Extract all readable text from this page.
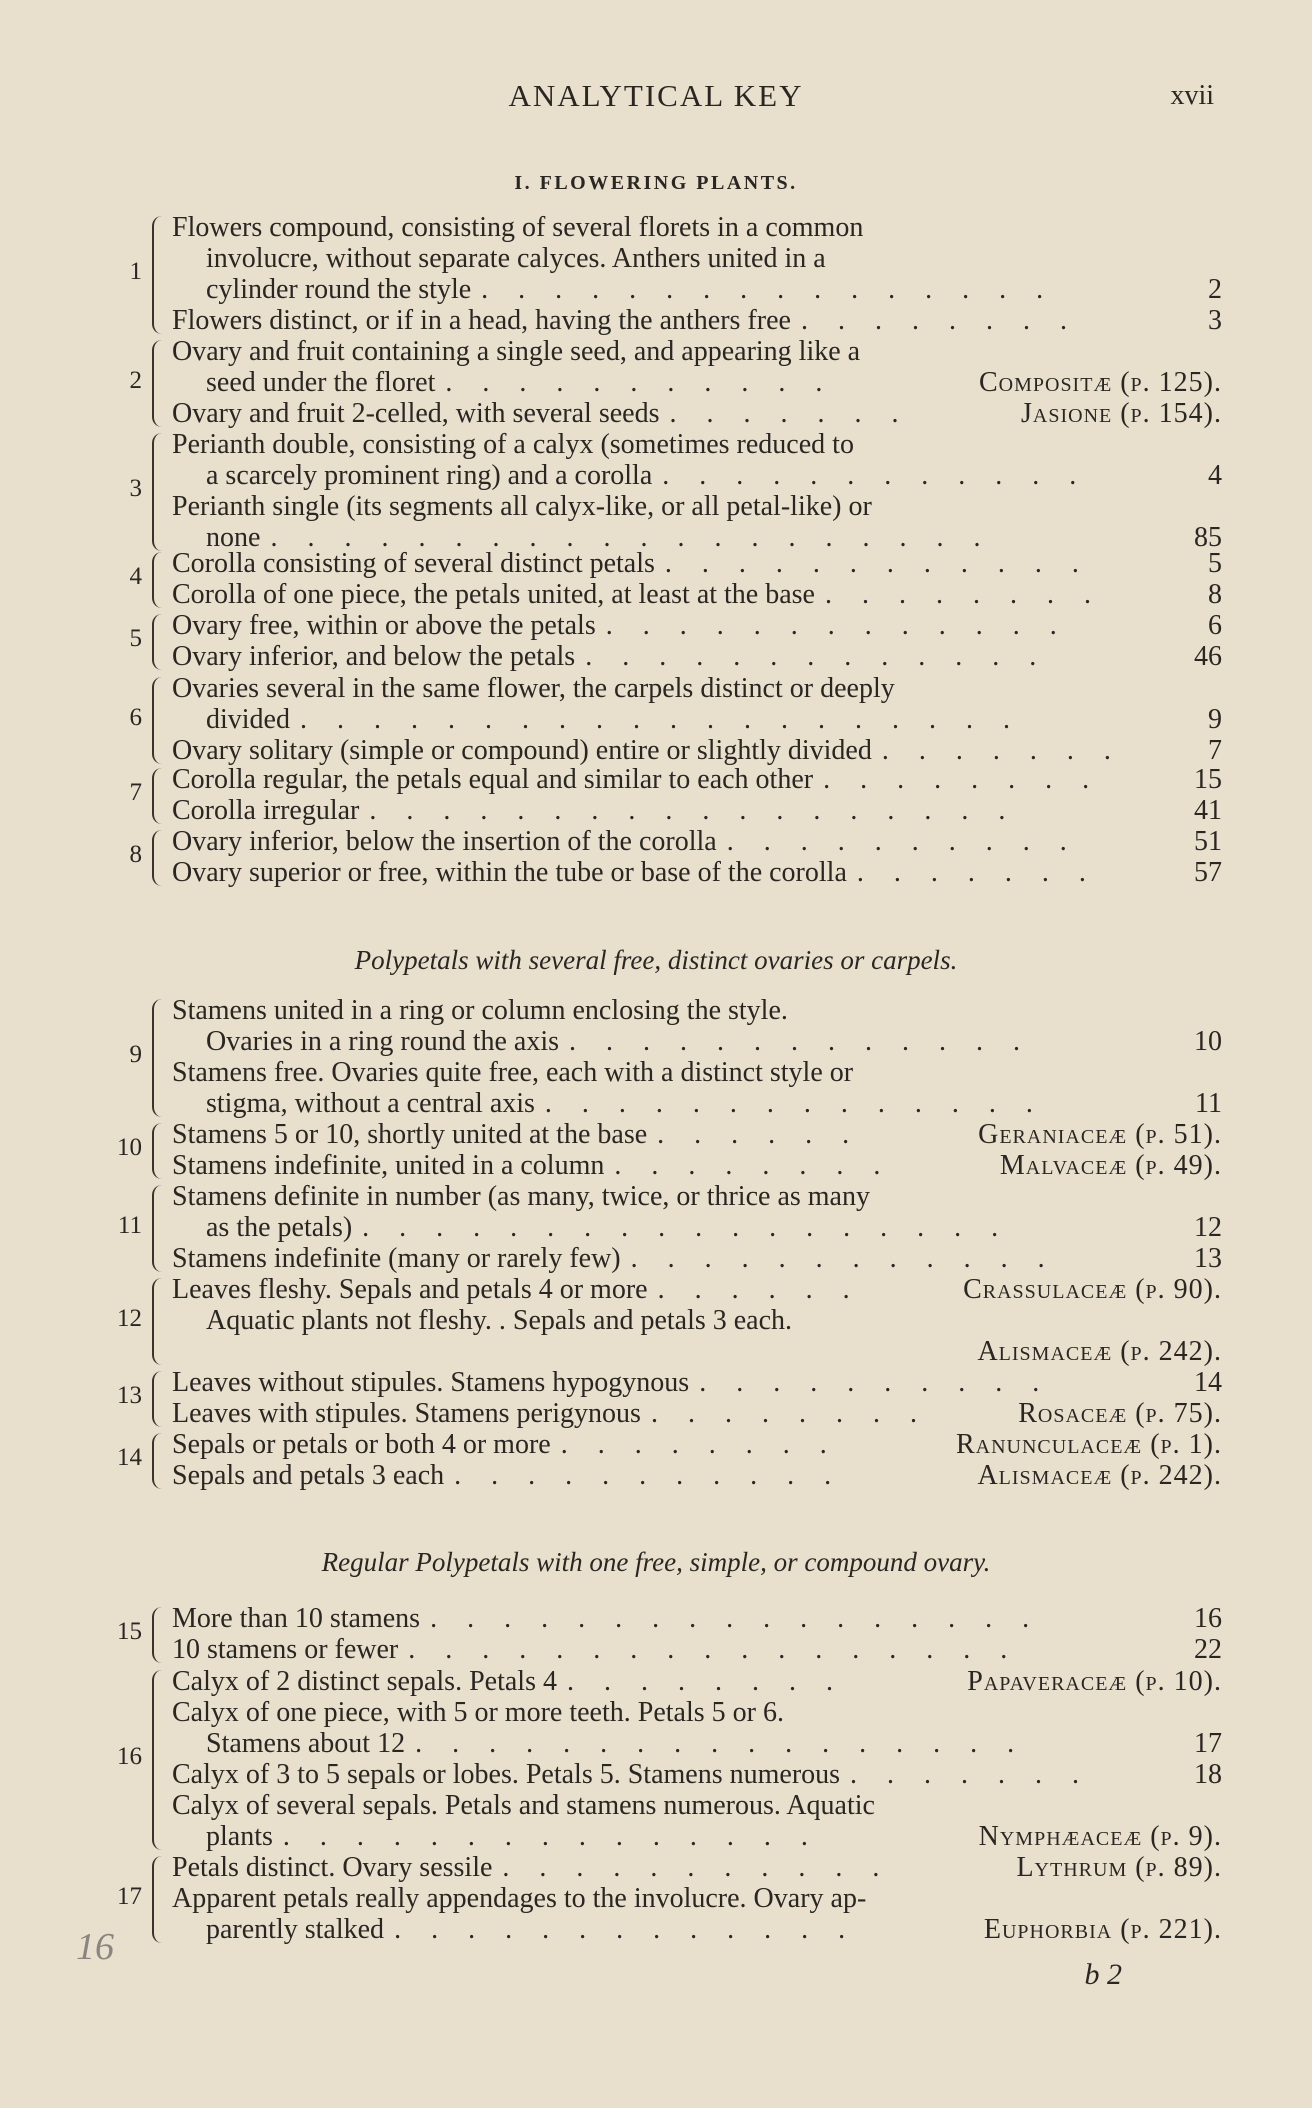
ANALYTICAL KEY	xvii
I. FLOWERING PLANTS.
Polypetals with several free, distinct ovaries or carpels.
Regular Polypetals with one free, simple, or compound ovary.
1
Flowers compound, consisting of several florets in a common
involucre, without separate calyces. Anthers united in a
cylinder round the style ................	2
Flowers distinct, or if in a head, having the anthers free ........	3
2
Ovary and fruit containing a single seed, and appearing like a
seed under the floret ...........	Compositæ (p. 125).
Ovary and fruit 2-celled, with several seeds .......	Jasione (p. 154).
3
Perianth double, consisting of a calyx (sometimes reduced to
a scarcely prominent ring) and a corolla ............	4
Perianth single (its segments all calyx-like, or all petal-like) or
none ....................	85
4 Corolla consisting of several distinct petals ............	5
Corolla of one piece, the petals united, at least at the base ........	8
5 Ovary free, within or above the petals .............	6
Ovary inferior, and below the petals .............	46
6
Ovaries several in the same flower, the carpels distinct or deeply
divided ....................	9
Ovary solitary (simple or compound) entire or slightly divided ....... 7
7 Corolla regular, the petals equal and similar to each other ........	15
Corolla irregular ..................	41
8 Ovary inferior, below the insertion of the corolla ..........	51
Ovary superior or free, within the tube or base of the corolla .......	57
9
Stamens united in a ring or column enclosing the style.
Ovaries in a ring round the axis .............	10
Stamens free. Ovaries quite free, each with a distinct style or
stigma, without a central axis ..............	11
10 Stamens 5 or 10, shortly united at the base ......	Geraniaceæ (p. 51).
Stamens indefinite, united in a column ........	Malvaceæ (p. 49).
11
Stamens definite in number (as many, twice, or thrice as many
as the petals) ..................	12
Stamens indefinite (many or rarely few) ............	13
12
Leaves fleshy. Sepals and petals 4 or more ......	Crassulaceæ (p. 90).
Aquatic plants not fleshy. . Sepals and petals 3 each.
Alismaceæ (p. 242).
13 Leaves without stipules. Stamens hypogynous ..........	14
Leaves with stipules. Stamens perigynous ........	Rosaceæ (p. 75).
14 Sepals or petals or both 4 or more ........	Ranunculaceæ (p. 1).
Sepals and petals 3 each ...........	Alismaceæ (p. 242).
15 More than 10 stamens .................	16
10 stamens or fewer .................	22
16
Calyx of 2 distinct sepals. Petals 4 ........	Papaveraceæ (p. 10).
Calyx of one piece, with 5 or more teeth. Petals 5 or 6.
Stamens about 12 .................	17
Calyx of 3 to 5 sepals or lobes. Petals 5. Stamens numerous .......	18
Calyx of several sepals. Petals and stamens numerous. Aquatic
plants ...............	Nymphæaceæ (p. 9).
17
Petals distinct. Ovary sessile ...........	Lythrum (p. 89).
Apparent petals really appendages to the involucre. Ovary ap-
parently stalked .............	Euphorbia (p. 221).
b 2
16
